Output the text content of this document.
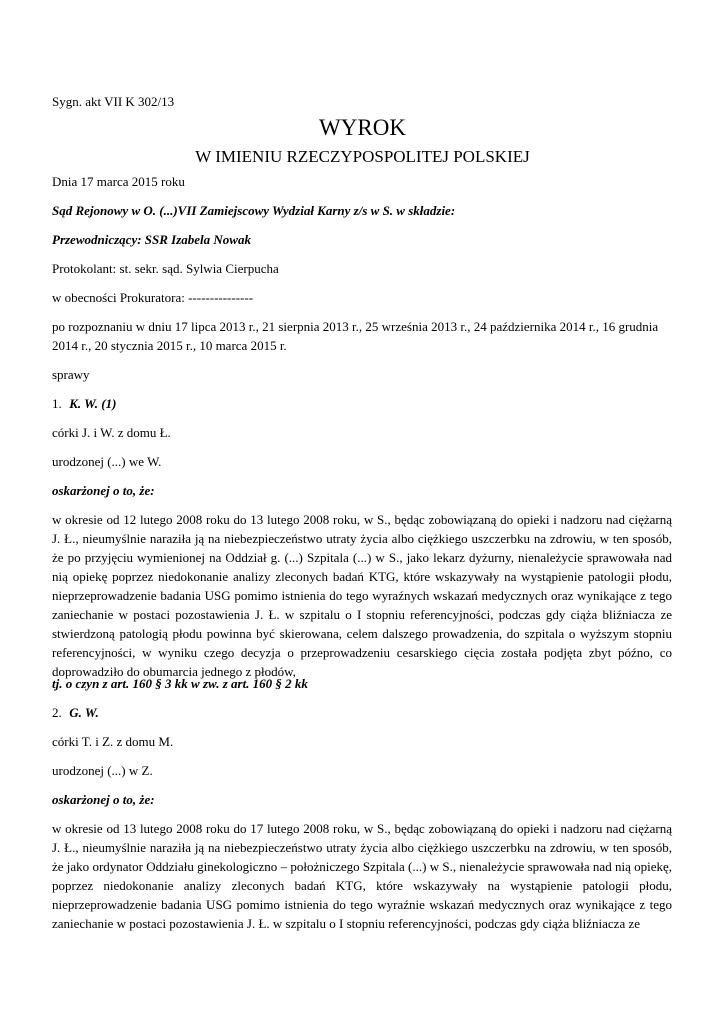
Sygn. akt VII K 302/13

WYROK
W IMIENIU RZECZYPOSPOLITEJ POLSKIEJ

Dnia 17 marca 2015 roku

Sąd Rejonowy w O. (...)VII Zamiejscowy Wydział Karny z/s w S. w składzie:

Przewodniczący: SSR Izabela Nowak

Protokolant: st. sekr. sąd. Sylwia Cierpucha

w obecności Prokuratora: ---------------

po rozpoznaniu w dniu 17 lipca 2013 r., 21 sierpnia 2013 r., 25 września 2013 r., 24 października 2014 r., 16 grudnia 2014 r., 20 stycznia 2015 r., 10 marca 2015 r.

sprawy

1. K. W. (1)

córki J. i W. z domu Ł.

urodzonej (...) we W.

oskarżonej o to, że:

w okresie od 12 lutego 2008 roku do 13 lutego 2008 roku, w S., będąc zobowiązaną do opieki i nadzoru nad ciężarną J. Ł., nieumyślnie naraziła ją na niebezpieczeństwo utraty życia albo ciężkiego uszczerbku na zdrowiu, w ten sposób, że po przyjęciu wymienionej na Oddział g. (...) Szpitala (...) w S., jako lekarz dyżurny, nienależycie sprawowała nad nią opiekę poprzez niedokonanie analizy zleconych badań KTG, które wskazywały na wystąpienie patologii płodu, nieprzeprowadzenie badania USG pomimo istnienia do tego wyraźnych wskazań medycznych oraz wynikające z tego zaniechanie w postaci pozostawienia J. Ł. w szpitalu o I stopniu referencyjności, podczas gdy ciąża bliźniacza ze stwierdzoną patologią płodu powinna być skierowana, celem dalszego prowadzenia, do szpitala o wyższym stopniu referencyjności, w wyniku czego decyzja o przeprowadzeniu cesarskiego cięcia została podjęta zbyt późno, co doprowadziło do obumarcia jednego z płodów,

tj. o czyn z art. 160 § 3 kk w zw. z art. 160 § 2 kk

2. G. W.

córki T. i Z. z domu M.

urodzonej (...) w Z.

oskarżonej o to, że:

w okresie od 13 lutego 2008 roku do 17 lutego 2008 roku, w S., będąc zobowiązaną do opieki i nadzoru nad ciężarną J. Ł., nieumyślnie naraziła ją na niebezpieczeństwo utraty życia albo ciężkiego uszczerbku na zdrowiu, w ten sposób, że jako ordynator Oddziału ginekologiczno – położniczego Szpitala (...) w S., nienależycie sprawowała nad nią opiekę, poprzez niedokonanie analizy zleconych badań KTG, które wskazywały na wystąpienie patologii płodu, nieprzeprowadzenie badania USG pomimo istnienia do tego wyraźnie wskazań medycznych oraz wynikające z tego zaniechanie w postaci pozostawienia J. Ł. w szpitalu o I stopniu referencyjności, podczas gdy ciąża bliźniacza ze
